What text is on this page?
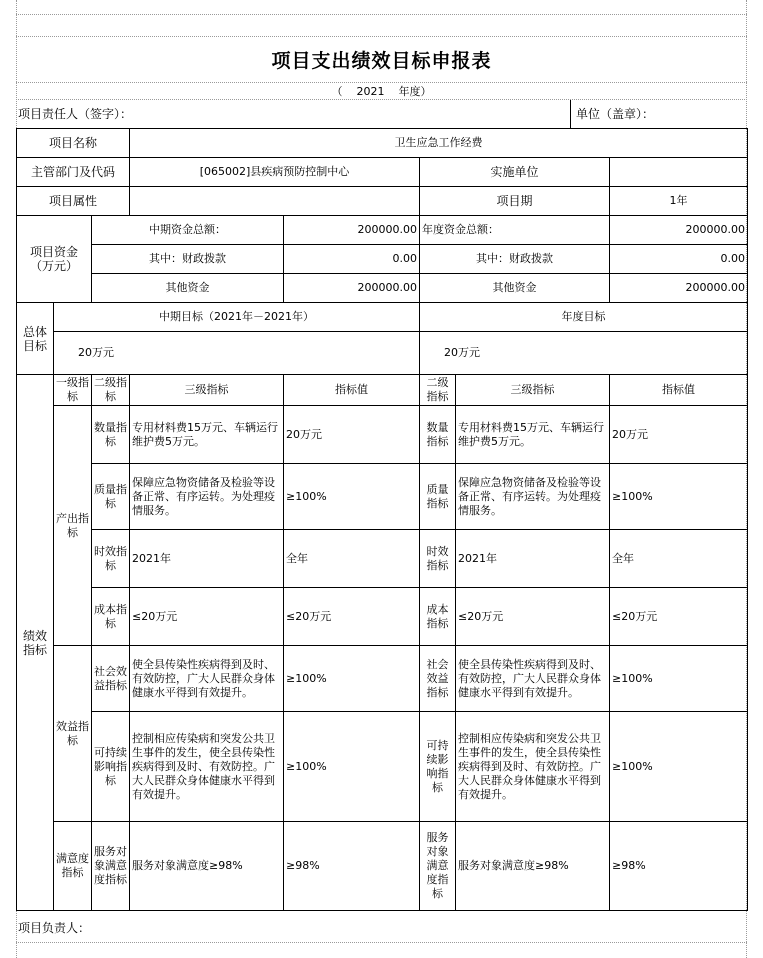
项目支出绩效目标申报表
（    2021    年度）
项目责任人（签字）：	单位（盖章）：
项目名称			卫生应急工作经费				
主管部门及代码			[065002]县疾病预防控制中心		实施单位		
项目属性					项目期		1年
项目资金（万元）		中期资金总额：		200000.00	年度资金总额：		200000.00
		其中：财政拨款		0.00	其中：财政拨款		0.00
		其他资金		200000.00	其他资金		200000.00
总体目标	中期目标（2021年－2021年）				年度目标		
	20万元				20万元		
绩效指标	一级指标	二级指标	三级指标	指标值	二级指标	三级指标	指标值
	产出指标	数量指标	专用材料费15万元、车辆运行维护费5万元。	20万元	数量指标	专用材料费15万元、车辆运行维护费5万元。	20万元
		质量指标	保障应急物资储备及检验等设备正常、有序运转。为处理疫情服务。	≥100%	质量指标	保障应急物资储备及检验等设备正常、有序运转。为处理疫情服务。	≥100%
		时效指标	2021年	全年	时效指标	2021年	全年
		成本指标	≤20万元	≤20万元	成本指标	≤20万元	≤20万元
	效益指标	社会效益指标	使全县传染性疾病得到及时、有效防控，广大人民群众身体健康水平得到有效提升。	≥100%	社会效益指标	使全县传染性疾病得到及时、有效防控，广大人民群众身体健康水平得到有效提升。	≥100%
		可持续影响指标	控制相应传染病和突发公共卫生事件的发生，使全县传染性疾病得到及时、有效防控。广大人民群众身体健康水平得到有效提升。	≥100%	可持续影响指标	控制相应传染病和突发公共卫生事件的发生，使全县传染性疾病得到及时、有效防控。广大人民群众身体健康水平得到有效提升。	≥100%
	满意度指标	服务对象满意度指标	服务对象满意度≥98%	≥98%	服务对象满意度指标	服务对象满意度≥98%	≥98%
项目负责人：
